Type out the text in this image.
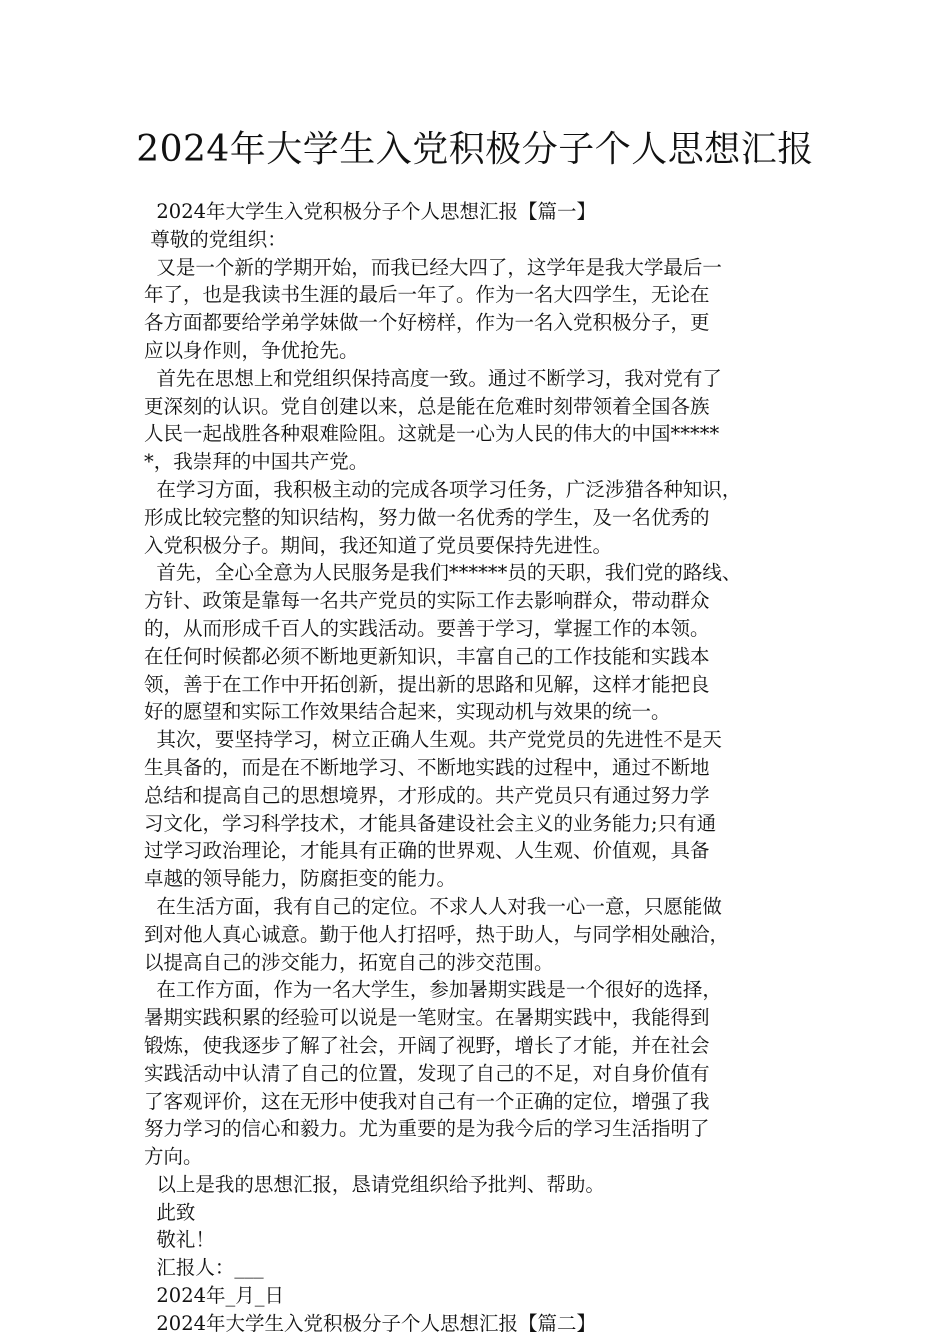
2024年大学生入党积极分子个人思想汇报
2024年大学生入党积极分子个人思想汇报【篇一】
尊敬的党组织：
又是一个新的学期开始，而我已经大四了，这学年是我大学最后一
年了，也是我读书生涯的最后一年了。作为一名大四学生，无论在
各方面都要给学弟学妹做一个好榜样，作为一名入党积极分子，更
应以身作则，争优抢先。
首先在思想上和党组织保持高度一致。通过不断学习，我对党有了
更深刻的认识。党自创建以来，总是能在危难时刻带领着全国各族
人民一起战胜各种艰难险阻。这就是一心为人民的伟大的中国*****
*，我崇拜的中国共产党。
在学习方面，我积极主动的完成各项学习任务，广泛涉猎各种知识，
形成比较完整的知识结构，努力做一名优秀的学生，及一名优秀的
入党积极分子。期间，我还知道了党员要保持先进性。
首先，全心全意为人民服务是我们******员的天职，我们党的路线、
方针、政策是靠每一名共产党员的实际工作去影响群众，带动群众
的，从而形成千百人的实践活动。要善于学习，掌握工作的本领。
在任何时候都必须不断地更新知识，丰富自己的工作技能和实践本
领，善于在工作中开拓创新，提出新的思路和见解，这样才能把良
好的愿望和实际工作效果结合起来，实现动机与效果的统一。
其次，要坚持学习，树立正确人生观。共产党党员的先进性不是天
生具备的，而是在不断地学习、不断地实践的过程中，通过不断地
总结和提高自己的思想境界，才形成的。共产党员只有通过努力学
习文化，学习科学技术，才能具备建设社会主义的业务能力;只有通
过学习政治理论，才能具有正确的世界观、人生观、价值观，具备
卓越的领导能力，防腐拒变的能力。
在生活方面，我有自己的定位。不求人人对我一心一意，只愿能做
到对他人真心诚意。勤于他人打招呼，热于助人，与同学相处融洽，
以提高自己的涉交能力，拓宽自己的涉交范围。
在工作方面，作为一名大学生，参加暑期实践是一个很好的选择，
暑期实践积累的经验可以说是一笔财宝。在暑期实践中，我能得到
锻炼，使我逐步了解了社会，开阔了视野，增长了才能，并在社会
实践活动中认清了自己的位置，发现了自己的不足，对自身价值有
了客观评价，这在无形中使我对自己有一个正确的定位，增强了我
努力学习的信心和毅力。尤为重要的是为我今后的学习生活指明了
方向。
以上是我的思想汇报，恳请党组织给予批判、帮助。
此致
敬礼！
汇报人：___
2024年_月_日
2024年大学生入党积极分子个人思想汇报【篇二】
